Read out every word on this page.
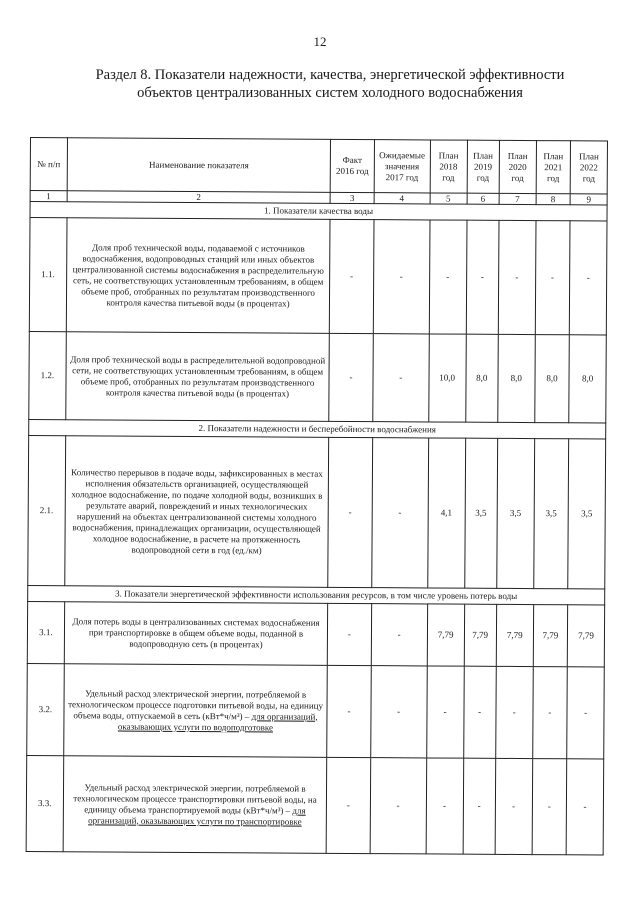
12
Раздел 8. Показатели надежности, качества, энергетической эффективности
объектов централизованных систем холодного водоснабжения
№ п/п	Наименование показателя	Факт 2016 год	Ожидаемые значения 2017 год	План 2018 год	План 2019 год	План 2020 год	План 2021 год	План 2022 год
1	2	3	4	5	6	7	8	9
1. Показатели качества воды								
1.1.	Доля проб технической воды, подаваемой с источников водоснабжения, водопроводных станций или иных объектов централизованной системы водоснабжения в распределительную сеть, не соответствующих установленным требованиям, в общем объеме проб, отобранных по результатам производственного контроля качества питьевой воды (в процентах)	-	-	-	-	-	-	-
1.2.	Доля проб технической воды в распределительной водопроводной сети, не соответствующих установленным требованиям, в общем объеме проб, отобранных по результатам производственного контроля качества питьевой воды (в процентах)	-	-	10,0	8,0	8,0	8,0	8,0
2. Показатели надежности и бесперебойности водоснабжения								
2.1.	Количество перерывов в подаче воды, зафиксированных в местах исполнения обязательств организацией, осуществляющей холодное водоснабжение, по подаче холодной воды, возникших в результате аварий, повреждений и иных технологических нарушений на объектах централизованной системы холодного водоснабжения, принадлежащих организации, осуществляющей холодное водоснабжение, в расчете на протяженность водопроводной сети в год (ед./км)	-	-	4,1	3,5	3,5	3,5	3,5
3. Показатели энергетической эффективности использования ресурсов, в том числе уровень потерь воды								
3.1.	Доля потерь воды в централизованных системах водоснабжения при транспортировке в общем объеме воды, поданной в водопроводную сеть (в процентах)	-	-	7,79	7,79	7,79	7,79	7,79
3.2.	Удельный расход электрической энергии, потребляемой в технологическом процессе подготовки питьевой воды, на единицу объема воды, отпускаемой в сеть (кВт*ч/м³) – для организаций, оказывающих услуги по водоподготовке	-	-	-	-	-	-	-
3.3.	Удельный расход электрической энергии, потребляемой в технологическом процессе транспортировки питьевой воды, на единицу объема транспортируемой воды (кВт*ч/м³) – для организаций, оказывающих услуги по транспортировке	-	-	-	-	-	-	-
